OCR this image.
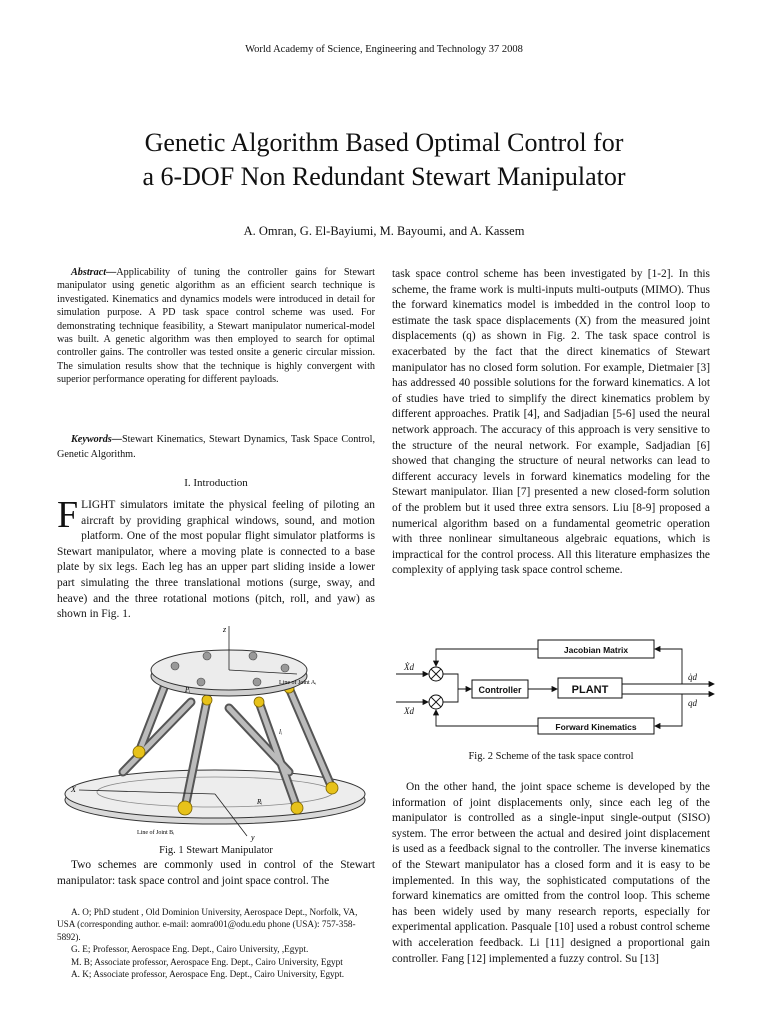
World Academy of Science, Engineering and Technology 37 2008
Genetic Algorithm Based Optimal Control for
a 6-DOF Non Redundant Stewart Manipulator
A. Omran, G. El-Bayiumi, M. Bayoumi, and A. Kassem
Abstract—Applicability of tuning the controller gains for Stewart manipulator using genetic algorithm as an efficient search technique is investigated. Kinematics and dynamics models were introduced in detail for simulation purpose. A PD task space control scheme was used. For demonstrating technique feasibility, a Stewart manipulator numerical-model was built. A genetic algorithm was then employed to search for optimal controller gains. The controller was tested onsite a generic circular mission. The simulation results show that the technique is highly convergent with superior performance operating for different payloads.
Keywords—Stewart Kinematics, Stewart Dynamics, Task Space Control, Genetic Algorithm.
I. Introduction
FLIGHT simulators imitate the physical feeling of piloting an aircraft by providing graphical windows, sound, and motion platform. One of the most popular flight simulator platforms is Stewart manipulator, where a moving plate is connected to a base plate by six legs. Each leg has an upper part sliding inside a lower part simulating the three translational motions (surge, sway, and heave) and the three rotational motions (pitch, roll, and yaw) as shown in Fig. 1.
z
X
y
Line of Joint Aᵢ
Line of Joint Bᵢ
Rᵢ
Pᵢ
lᵢ
Fig. 1 Stewart Manipulator
Two schemes are commonly used in control of the Stewart manipulator: task space control and joint space control. The

A. O; PhD student , Old Dominion University, Aerospace Dept., Norfolk, VA, USA (corresponding author. e-mail: aomra001@odu.edu phone (USA): 757-358-5892).

G. E; Professor, Aerospace Eng. Dept., Cairo University, ,Egypt.

M. B; Associate professor, Aerospace Eng. Dept., Cairo University, Egypt

A. K; Associate professor, Aerospace Eng. Dept., Cairo University, Egypt.

task space control scheme has been investigated by [1-2]. In this scheme, the frame work is multi-inputs multi-outputs (MIMO). Thus the forward kinematics model is imbedded in the control loop to estimate the task space displacements (X) from the measured joint displacements (q) as shown in Fig. 2. The task space control is exacerbated by the fact that the direct kinematics of Stewart manipulator has no closed form solution. For example, Dietmaier [3] has addressed 40 possible solutions for the forward kinematics. A lot of studies have tried to simplify the direct kinematics problem by different approaches. Pratik [4], and Sadjadian [5-6] used the neural network approach. The accuracy of this approach is very sensitive to the structure of the neural network. For example, Sadjadian [6] showed that changing the structure of neural networks can lead to different accuracy levels in forward kinematics modeling for the Stewart manipulator. Ilian [7] presented a new closed-form solution of the problem but it used three extra sensors. Liu [8-9] proposed a numerical algorithm based on a fundamental geometric operation with three nonlinear simultaneous algebraic equations, which is impractical for the control process. All this literature emphasizes the complexity of applying task space control scheme.
Jacobian Matrix
Controller	PLANT
Forward Kinematics
Ẋd
Xd
q̇d
qd
Fig. 2 Scheme of the task space control
On the other hand, the joint space scheme is developed by the information of joint displacements only, since each leg of the manipulator is controlled as a single-input single-output (SISO) system. The error between the actual and desired joint displacement is used as a feedback signal to the controller. The inverse kinematics of the Stewart manipulator has a closed form and it is easy to be implemented. In this way, the sophisticated computations of the forward kinematics are omitted from the control loop. This scheme has been widely used by many research reports, especially for experimental application. Pasquale [10] used a robust control scheme with acceleration feedback. Li [11] designed a proportional gain controller. Fang [12] implemented a fuzzy control. Su [13]
